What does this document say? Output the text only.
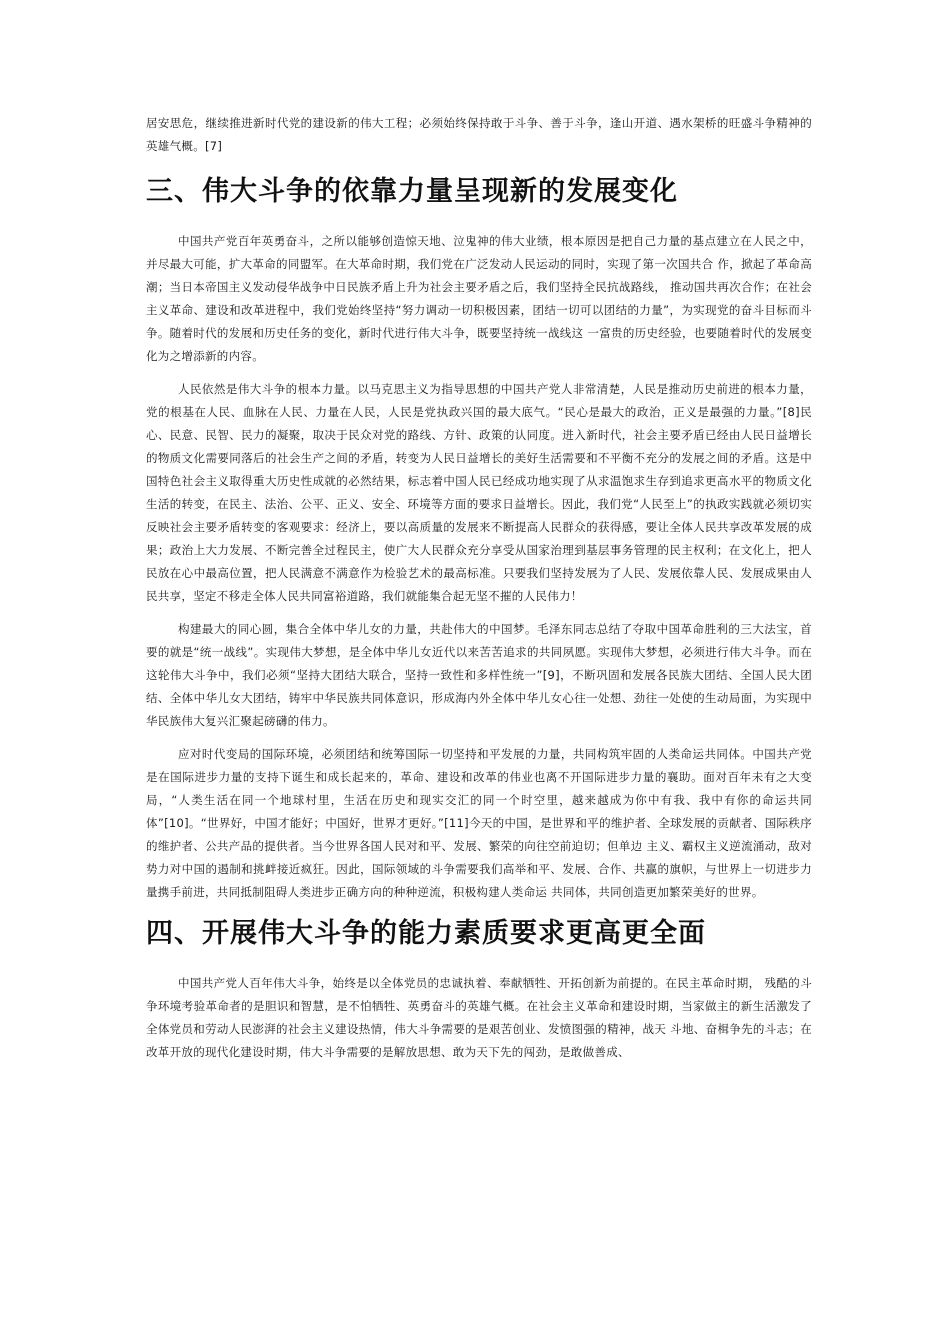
居安思危，继续推进新时代党的建设新的伟大工程；必须始终保持敢于斗争、善于斗争，逢山开道、遇水架桥的旺盛斗争精神的英雄气概。[7]

三、伟大斗争的依靠力量呈现新的发展变化

中国共产党百年英勇奋斗，之所以能够创造惊天地、泣鬼神的伟大业绩，根本原因是把自己力量的基点建立在人民之中，并尽最大可能，扩大革命的同盟军。在大革命时期，我们党在广泛发动人民运动的同时，实现了第一次国共合 作，掀起了革命高潮；当日本帝国主义发动侵华战争中日民族矛盾上升为社会主要矛盾之后，我们坚持全民抗战路线， 推动国共再次合作；在社会主义革命、建设和改革进程中，我们党始终坚持“努力调动一切积极因素，团结一切可以团结的力量”，为实现党的奋斗目标而斗争。随着时代的发展和历史任务的变化，新时代进行伟大斗争，既要坚持统一战线这 一富贵的历史经验，也要随着时代的发展变化为之增添新的内容。

人民依然是伟大斗争的根本力量。以马克思主义为指导思想的中国共产党人非常清楚，人民是推动历史前进的根本力量，党的根基在人民、血脉在人民、力量在人民，人民是党执政兴国的最大底气。“民心是最大的政治，正义是最强的力量。”[8]民心、民意、民智、民力的凝聚，取决于民众对党的路线、方针、政策的认同度。进入新时代，社会主要矛盾已经由人民日益增长的物质文化需要同落后的社会生产之间的矛盾，转变为人民日益增长的美好生活需要和不平衡不充分的发展之间的矛盾。这是中国特色社会主义取得重大历史性成就的必然结果，标志着中国人民已经成功地实现了从求温饱求生存到追求更高水平的物质文化生活的转变，在民主、法治、公平、正义、安全、环境等方面的要求日益增长。因此，我们党“人民至上”的执政实践就必须切实反映社会主要矛盾转变的客观要求：经济上，要以高质量的发展来不断提高人民群众的获得感，要让全体人民共享改革发展的成果；政治上大力发展、不断完善全过程民主，使广大人民群众充分享受从国家治理到基层事务管理的民主权利；在文化上，把人民放在心中最高位置，把人民满意不满意作为检验艺术的最高标准。只要我们坚持发展为了人民、发展依靠人民、发展成果由人民共享，坚定不移走全体人民共同富裕道路，我们就能集合起无坚不摧的人民伟力！

构建最大的同心圆，集合全体中华儿女的力量，共赴伟大的中国梦。毛泽东同志总结了夺取中国革命胜利的三大法宝，首要的就是“统一战线”。实现伟大梦想，是全体中华儿女近代以来苦苦追求的共同夙愿。实现伟大梦想，必须进行伟大斗争。而在这轮伟大斗争中，我们必须“坚持大团结大联合，坚持一致性和多样性统一”[9]，不断巩固和发展各民族大团结、全国人民大团结、全体中华儿女大团结，铸牢中华民族共同体意识，形成海内外全体中华儿女心往一处想、劲往一处使的生动局面，为实现中华民族伟大复兴汇聚起磅礴的伟力。

应对时代变局的国际环境，必须团结和统筹国际一切坚持和平发展的力量，共同构筑牢固的人类命运共同体。中国共产党是在国际进步力量的支持下诞生和成长起来的，革命、建设和改革的伟业也离不开国际进步力量的襄助。面对百年未有之大变局，“人类生活在同一个地球村里，生活在历史和现实交汇的同一个时空里，越来越成为你中有我、我中有你的命运共同体”[10]。“世界好，中国才能好；中国好，世界才更好。”[11]今天的中国，是世界和平的维护者、全球发展的贡献者、国际秩序的维护者、公共产品的提供者。当今世界各国人民对和平、发展、繁荣的向往空前迫切；但单边 主义、霸权主义逆流涌动，敌对势力对中国的遏制和挑衅接近疯狂。因此，国际领域的斗争需要我们高举和平、发展、合作、共赢的旗帜，与世界上一切进步力量携手前进，共同抵制阻碍人类进步正确方向的种种逆流，积极构建人类命运 共同体，共同创造更加繁荣美好的世界。

四、开展伟大斗争的能力素质要求更高更全面

中国共产党人百年伟大斗争，始终是以全体党员的忠诚执着、奉献牺牲、开拓创新为前提的。在民主革命时期， 残酷的斗争环境考验革命者的是胆识和智慧，是不怕牺牲、英勇奋斗的英雄气概。在社会主义革命和建设时期，当家做主的新生活激发了全体党员和劳动人民澎湃的社会主义建设热情，伟大斗争需要的是艰苦创业、发愤图强的精神，战天 斗地、奋楫争先的斗志；在改革开放的现代化建设时期，伟大斗争需要的是解放思想、敢为天下先的闯劲，是敢做善成、
